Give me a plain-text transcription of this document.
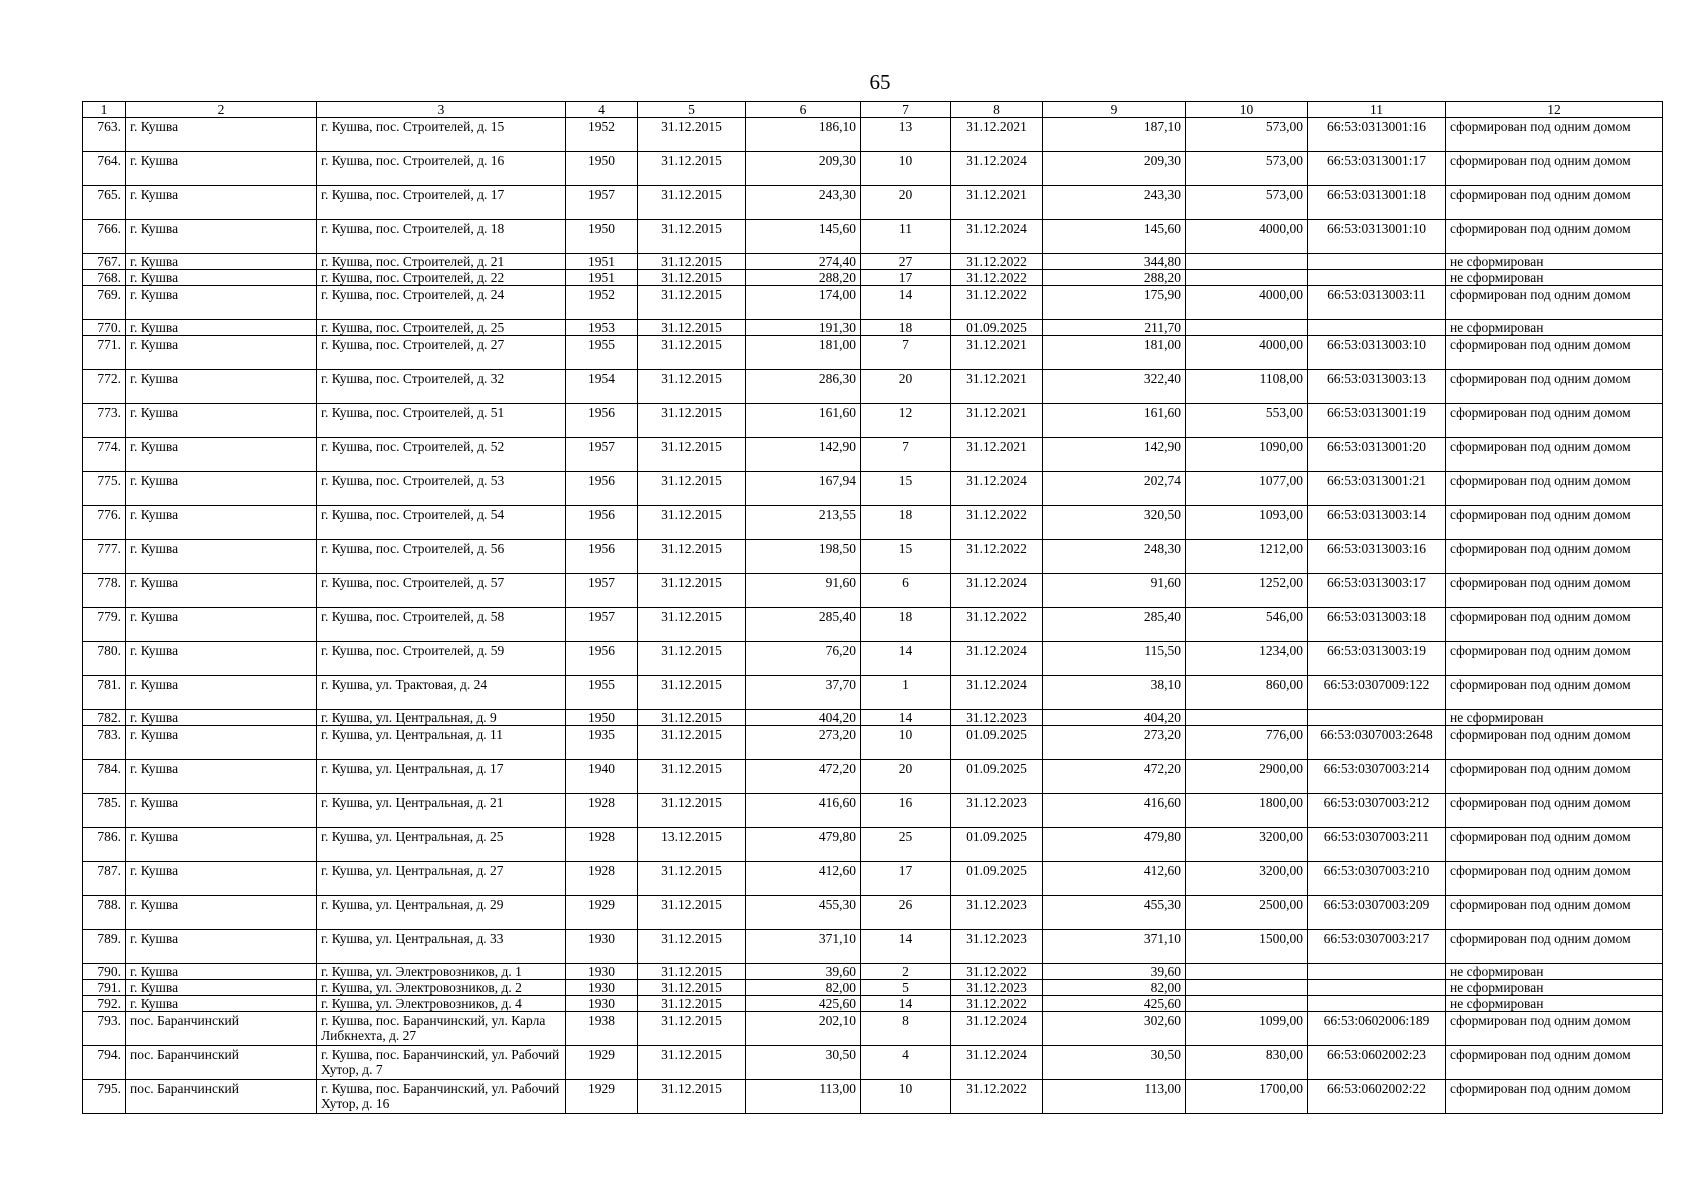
65
1	2	3	4	5	6	7	8	9	10	11	12
763.	г. Кушва	г. Кушва, пос. Строителей, д. 15	1952	31.12.2015	186,10	13	31.12.2021	187,10	573,00	66:53:0313001:16	сформирован под одним домом
764.	г. Кушва	г. Кушва, пос. Строителей, д. 16	1950	31.12.2015	209,30	10	31.12.2024	209,30	573,00	66:53:0313001:17	сформирован под одним домом
765.	г. Кушва	г. Кушва, пос. Строителей, д. 17	1957	31.12.2015	243,30	20	31.12.2021	243,30	573,00	66:53:0313001:18	сформирован под одним домом
766.	г. Кушва	г. Кушва, пос. Строителей, д. 18	1950	31.12.2015	145,60	11	31.12.2024	145,60	4000,00	66:53:0313001:10	сформирован под одним домом
767.	г. Кушва	г. Кушва, пос. Строителей, д. 21	1951	31.12.2015	274,40	27	31.12.2022	344,80			не сформирован
768.	г. Кушва	г. Кушва, пос. Строителей, д. 22	1951	31.12.2015	288,20	17	31.12.2022	288,20			не сформирован
769.	г. Кушва	г. Кушва, пос. Строителей, д. 24	1952	31.12.2015	174,00	14	31.12.2022	175,90	4000,00	66:53:0313003:11	сформирован под одним домом
770.	г. Кушва	г. Кушва, пос. Строителей, д. 25	1953	31.12.2015	191,30	18	01.09.2025	211,70			не сформирован
771.	г. Кушва	г. Кушва, пос. Строителей, д. 27	1955	31.12.2015	181,00	7	31.12.2021	181,00	4000,00	66:53:0313003:10	сформирован под одним домом
772.	г. Кушва	г. Кушва, пос. Строителей, д. 32	1954	31.12.2015	286,30	20	31.12.2021	322,40	1108,00	66:53:0313003:13	сформирован под одним домом
773.	г. Кушва	г. Кушва, пос. Строителей, д. 51	1956	31.12.2015	161,60	12	31.12.2021	161,60	553,00	66:53:0313001:19	сформирован под одним домом
774.	г. Кушва	г. Кушва, пос. Строителей, д. 52	1957	31.12.2015	142,90	7	31.12.2021	142,90	1090,00	66:53:0313001:20	сформирован под одним домом
775.	г. Кушва	г. Кушва, пос. Строителей, д. 53	1956	31.12.2015	167,94	15	31.12.2024	202,74	1077,00	66:53:0313001:21	сформирован под одним домом
776.	г. Кушва	г. Кушва, пос. Строителей, д. 54	1956	31.12.2015	213,55	18	31.12.2022	320,50	1093,00	66:53:0313003:14	сформирован под одним домом
777.	г. Кушва	г. Кушва, пос. Строителей, д. 56	1956	31.12.2015	198,50	15	31.12.2022	248,30	1212,00	66:53:0313003:16	сформирован под одним домом
778.	г. Кушва	г. Кушва, пос. Строителей, д. 57	1957	31.12.2015	91,60	6	31.12.2024	91,60	1252,00	66:53:0313003:17	сформирован под одним домом
779.	г. Кушва	г. Кушва, пос. Строителей, д. 58	1957	31.12.2015	285,40	18	31.12.2022	285,40	546,00	66:53:0313003:18	сформирован под одним домом
780.	г. Кушва	г. Кушва, пос. Строителей, д. 59	1956	31.12.2015	76,20	14	31.12.2024	115,50	1234,00	66:53:0313003:19	сформирован под одним домом
781.	г. Кушва	г. Кушва, ул. Трактовая, д. 24	1955	31.12.2015	37,70	1	31.12.2024	38,10	860,00	66:53:0307009:122	сформирован под одним домом
782.	г. Кушва	г. Кушва, ул. Центральная, д. 9	1950	31.12.2015	404,20	14	31.12.2023	404,20			не сформирован
783.	г. Кушва	г. Кушва, ул. Центральная, д. 11	1935	31.12.2015	273,20	10	01.09.2025	273,20	776,00	66:53:0307003:2648	сформирован под одним домом
784.	г. Кушва	г. Кушва, ул. Центральная, д. 17	1940	31.12.2015	472,20	20	01.09.2025	472,20	2900,00	66:53:0307003:214	сформирован под одним домом
785.	г. Кушва	г. Кушва, ул. Центральная, д. 21	1928	31.12.2015	416,60	16	31.12.2023	416,60	1800,00	66:53:0307003:212	сформирован под одним домом
786.	г. Кушва	г. Кушва, ул. Центральная, д. 25	1928	13.12.2015	479,80	25	01.09.2025	479,80	3200,00	66:53:0307003:211	сформирован под одним домом
787.	г. Кушва	г. Кушва, ул. Центральная, д. 27	1928	31.12.2015	412,60	17	01.09.2025	412,60	3200,00	66:53:0307003:210	сформирован под одним домом
788.	г. Кушва	г. Кушва, ул. Центральная, д. 29	1929	31.12.2015	455,30	26	31.12.2023	455,30	2500,00	66:53:0307003:209	сформирован под одним домом
789.	г. Кушва	г. Кушва, ул. Центральная, д. 33	1930	31.12.2015	371,10	14	31.12.2023	371,10	1500,00	66:53:0307003:217	сформирован под одним домом
790.	г. Кушва	г. Кушва, ул. Электровозников, д. 1	1930	31.12.2015	39,60	2	31.12.2022	39,60			не сформирован
791.	г. Кушва	г. Кушва, ул. Электровозников, д. 2	1930	31.12.2015	82,00	5	31.12.2023	82,00			не сформирован
792.	г. Кушва	г. Кушва, ул. Электровозников, д. 4	1930	31.12.2015	425,60	14	31.12.2022	425,60			не сформирован
793.	пос. Баранчинский	г. Кушва, пос. Баранчинский, ул. Карла Либкнехта, д. 27	1938	31.12.2015	202,10	8	31.12.2024	302,60	1099,00	66:53:0602006:189	сформирован под одним домом
794.	пос. Баранчинский	г. Кушва, пос. Баранчинский, ул. Рабочий Хутор, д. 7	1929	31.12.2015	30,50	4	31.12.2024	30,50	830,00	66:53:0602002:23	сформирован под одним домом
795.	пос. Баранчинский	г. Кушва, пос. Баранчинский, ул. Рабочий Хутор, д. 16	1929	31.12.2015	113,00	10	31.12.2022	113,00	1700,00	66:53:0602002:22	сформирован под одним домом
